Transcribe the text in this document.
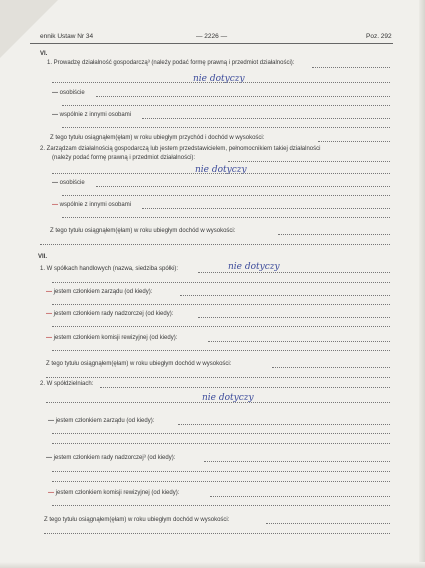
ennik Ustaw Nr 34	— 2226 —	Poz. 292
VI.
1. Prowadzę działalność gospodarczą³ (należy podać formę prawną i przedmiot działalności):
nie dotyczy
— osobiście
— wspólnie z innymi osobami
Z tego tytułu osiągnąłem(ęłam) w roku ubiegłym przychód i dochód w wysokości:
2. Zarządzam działalnością gospodarczą lub jestem przedstawicielem, pełnomocnikiem takiej działalności
(należy podać formę prawną i przedmiot działalności):
nie dotyczy
— osobiście
— wspólnie z innymi osobami
Z tego tytułu osiągnąłem(ęłam) w roku ubiegłym dochód w wysokości:
VII.
1. W spółkach handlowych (nazwa, siedziba spółki):	nie dotyczy
— jestem członkiem zarządu (od kiedy):
— jestem członkiem rady nadzorczej (od kiedy):
— jestem członkiem komisji rewizyjnej (od kiedy):
Z tego tytułu osiągnąłem(ęłam) w roku ubiegłym dochód w wysokości:
2. W spółdzielniach:
nie dotyczy
— jestem członkiem zarządu (od kiedy):
— jestem członkiem rady nadzorczej³ (od kiedy):
— jestem członkiem komisji rewizyjnej (od kiedy):
Z tego tytułu osiągnąłem(ęłam) w roku ubiegłym dochód w wysokości:
